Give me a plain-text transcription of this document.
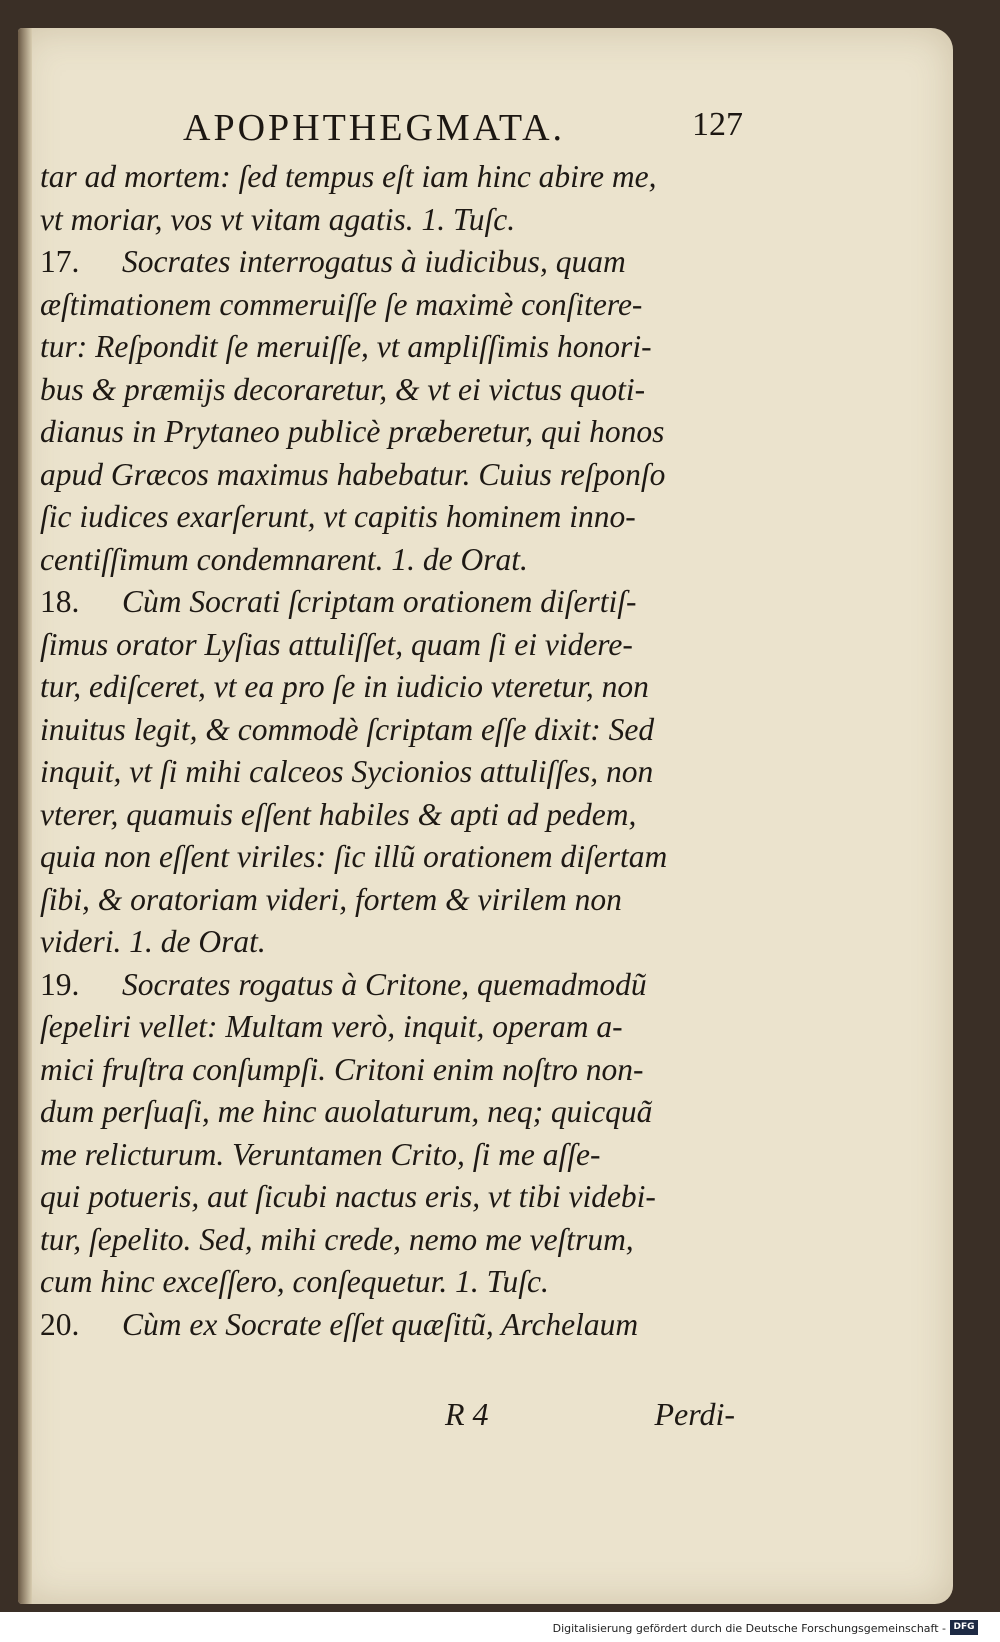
APOPHTHEGMATA.	127
tar ad mortem: ſed tempus eſt iam hinc abire me,
vt moriar, vos vt vitam agatis. 1. Tuſc.
17. Socrates interrogatus à iudicibus, quam
æſtimationem commeruiſſe ſe maximè conſitere-
tur: Reſpondit ſe meruiſſe, vt ampliſſimis honori-
bus & præmijs decoraretur, & vt ei victus quoti-
dianus in Prytaneo publicè præberetur, qui honos
apud Græcos maximus habebatur. Cuius reſponſo
ſic iudices exarſerunt, vt capitis hominem inno-
centiſſimum condemnarent. 1. de Orat.
18. Cùm Socrati ſcriptam orationem diſertiſ-
ſimus orator Lyſias attuliſſet, quam ſi ei videre-
tur, ediſceret, vt ea pro ſe in iudicio vteretur, non
inuitus legit, & commodè ſcriptam eſſe dixit: Sed
inquit, vt ſi mihi calceos Sycionios attuliſſes, non
vterer, quamuis eſſent habiles & apti ad pedem,
quia non eſſent viriles: ſic illũ orationem diſertam
ſibi, & oratoriam videri, fortem & virilem non
videri. 1. de Orat.
19. Socrates rogatus à Critone, quemadmodũ
ſepeliri vellet: Multam verò, inquit, operam a-
mici fruſtra conſumpſi. Critoni enim noſtro non-
dum perſuaſi, me hinc auolaturum, neq; quicquã
me relicturum. Veruntamen Crito, ſi me aſſe-
qui potueris, aut ſicubi nactus eris, vt tibi videbi-
tur, ſepelito. Sed, mihi crede, nemo me veſtrum,
cum hinc exceſſero, conſequetur. 1. Tuſc.
20. Cùm ex Socrate eſſet quæſitũ, Archelaum
R 4	Perdi-
Digitalisierung gefördert durch die Deutsche Forschungsgemeinschaft - DFG
